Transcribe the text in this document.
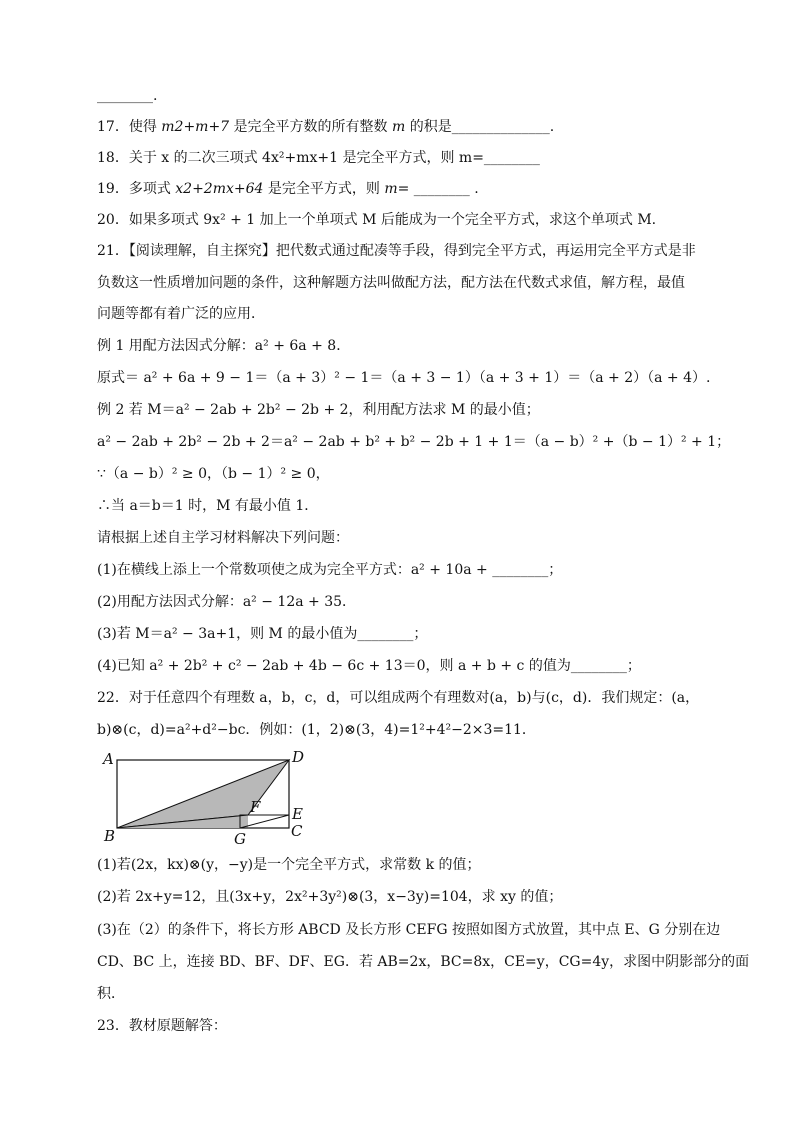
________.
17．使得 m2+m+7 是完全平方数的所有整数 m 的积是______________.
18．关于 x 的二次三项式 4x²+mx+1 是完全平方式，则 m=________
19．多项式 x2+2mx+64 是完全平方式，则 m= ________ .
20．如果多项式 9x² + 1 加上一个单项式 M 后能成为一个完全平方式，求这个单项式 M.
21．【阅读理解，自主探究】把代数式通过配凑等手段，得到完全平方式，再运用完全平方式是非
负数这一性质增加问题的条件，这种解题方法叫做配方法，配方法在代数式求值，解方程，最值
问题等都有着广泛的应用．
例 1 用配方法因式分解：a² + 6a + 8．
原式＝ a² + 6a + 9 − 1＝（a + 3）² − 1＝（a + 3 − 1）（a + 3 + 1）＝（a + 2）（a + 4）.
例 2 若 M＝a² − 2ab + 2b² − 2b + 2，利用配方法求 M 的最小值；
a² − 2ab + 2b² − 2b + 2＝a² − 2ab + b² + b² − 2b + 1 + 1＝（a − b）² +（b − 1）² + 1；
∵（a − b）² ≥ 0，（b − 1）² ≥ 0，
∴当 a＝b＝1 时，M 有最小值 1．
请根据上述自主学习材料解决下列问题：
(1)在横线上添上一个常数项使之成为完全平方式：a² + 10a + ________；
(2)用配方法因式分解：a² − 12a + 35．
(3)若 M＝a² − 3a+1，则 M 的最小值为________；
(4)已知 a² + 2b² + c² − 2ab + 4b − 6c + 13＝0，则 a + b + c 的值为________；
22．对于任意四个有理数 a，b，c，d，可以组成两个有理数对(a，b)与(c，d)．我们规定：(a，
b)⊗(c，d)=a²+d²−bc．例如：(1，2)⊗(3，4)=1²+4²−2×3=11．
A	D
B	C
E
F
G
(1)若(2x，kx)⊗(y，−y)是一个完全平方式，求常数 k 的值；
(2)若 2x+y=12，且(3x+y，2x²+3y²)⊗(3，x−3y)=104，求 xy 的值；
(3)在（2）的条件下，将长方形 ABCD 及长方形 CEFG 按照如图方式放置，其中点 E、G 分别在边
CD、BC 上，连接 BD、BF、DF、EG．若 AB=2x，BC=8x，CE=y，CG=4y，求图中阴影部分的面
积．
23．教材原题解答：
